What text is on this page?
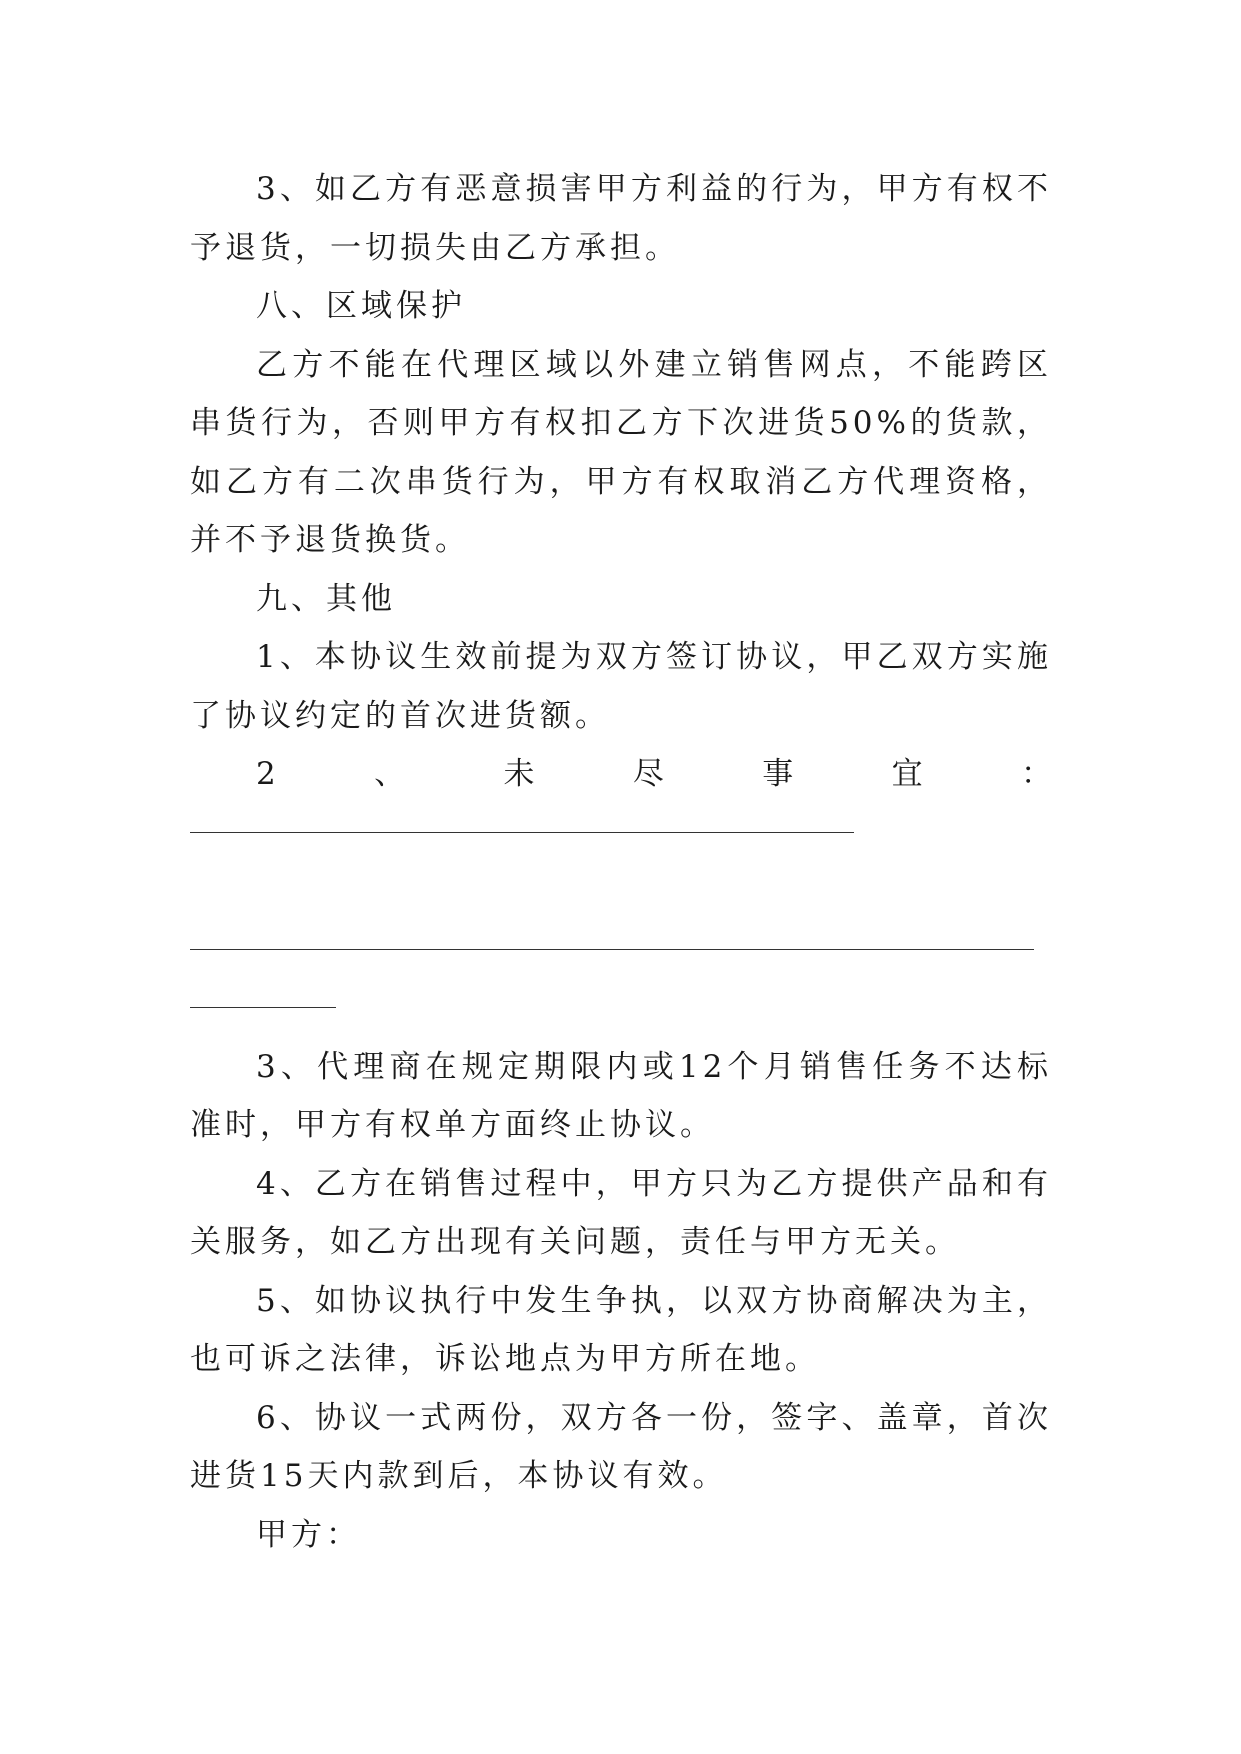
3、如乙方有恶意损害甲方利益的行为，甲方有权不予退货，一切损失由乙方承担。

八、区域保护

乙方不能在代理区域以外建立销售网点，不能跨区串货行为，否则甲方有权扣乙方下次进货50%的货款，如乙方有二次串货行为，甲方有权取消乙方代理资格，并不予退货换货。

九、其他

1、本协议生效前提为双方签订协议，甲乙双方实施了协议约定的首次进货额。

2	、	未	尽	事	宜	：

3、代理商在规定期限内或12个月销售任务不达标准时，甲方有权单方面终止协议。

4、乙方在销售过程中，甲方只为乙方提供产品和有关服务，如乙方出现有关问题，责任与甲方无关。

5、如协议执行中发生争执，以双方协商解决为主，也可诉之法律，诉讼地点为甲方所在地。

6、协议一式两份，双方各一份，签字、盖章，首次进货15天内款到后，本协议有效。

甲方：
